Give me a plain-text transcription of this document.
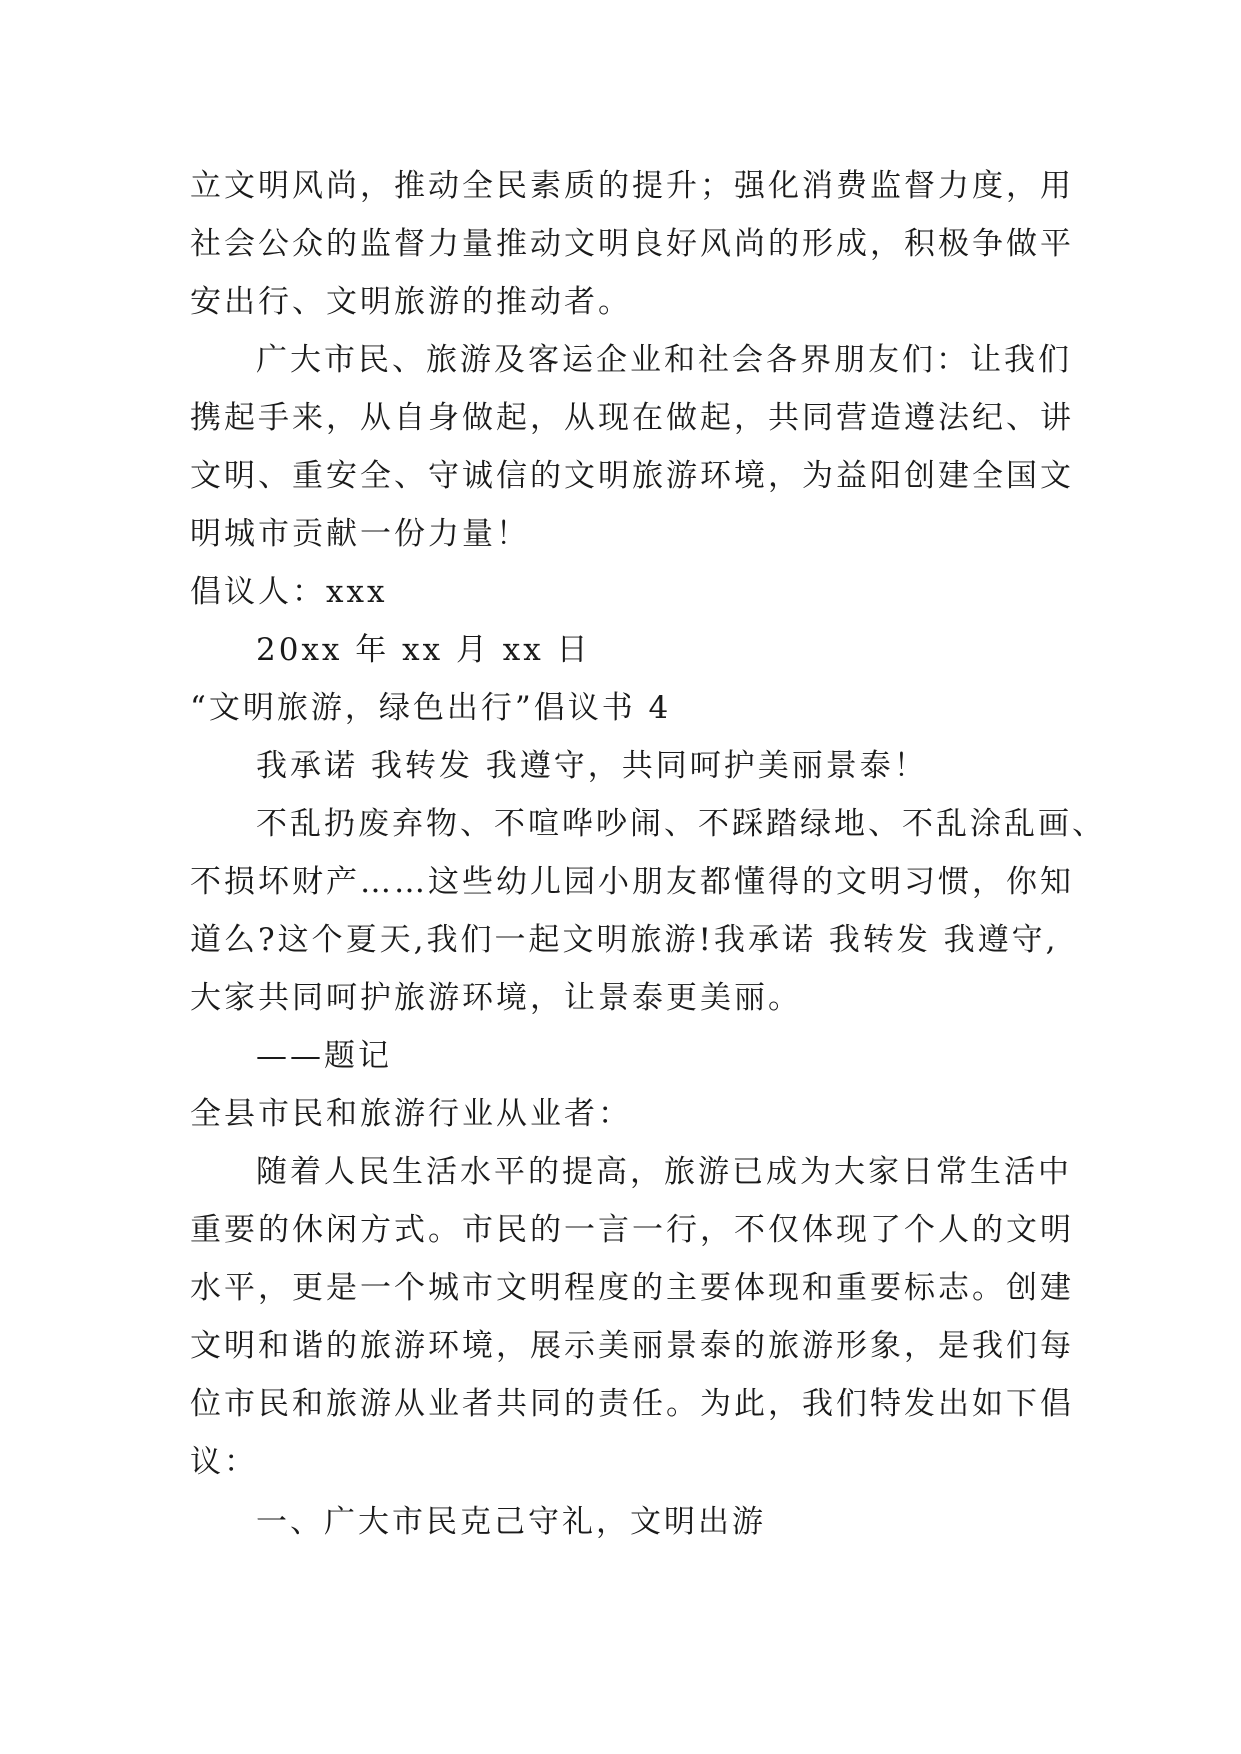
立文明风尚，推动全民素质的提升；强化消费监督力度，用
社会公众的监督力量推动文明良好风尚的形成，积极争做平
安出行、文明旅游的推动者。
广大市民、旅游及客运企业和社会各界朋友们：让我们
携起手来，从自身做起，从现在做起，共同营造遵法纪、讲
文明、重安全、守诚信的文明旅游环境，为益阳创建全国文
明城市贡献一份力量！
倡议人：xxx
20xx 年 xx 月 xx 日
“文明旅游，绿色出行”倡议书 4
我承诺 我转发 我遵守，共同呵护美丽景泰！
不乱扔废弃物、不喧哗吵闹、不踩踏绿地、不乱涂乱画、
不损坏财产……这些幼儿园小朋友都懂得的文明习惯，你知
道么?这个夏天,我们一起文明旅游!我承诺 我转发 我遵守,
大家共同呵护旅游环境，让景泰更美丽。
——题记
全县市民和旅游行业从业者：
随着人民生活水平的提高，旅游已成为大家日常生活中
重要的休闲方式。市民的一言一行，不仅体现了个人的文明
水平，更是一个城市文明程度的主要体现和重要标志。创建
文明和谐的旅游环境，展示美丽景泰的旅游形象，是我们每
位市民和旅游从业者共同的责任。为此，我们特发出如下倡
议：
一、广大市民克己守礼，文明出游
